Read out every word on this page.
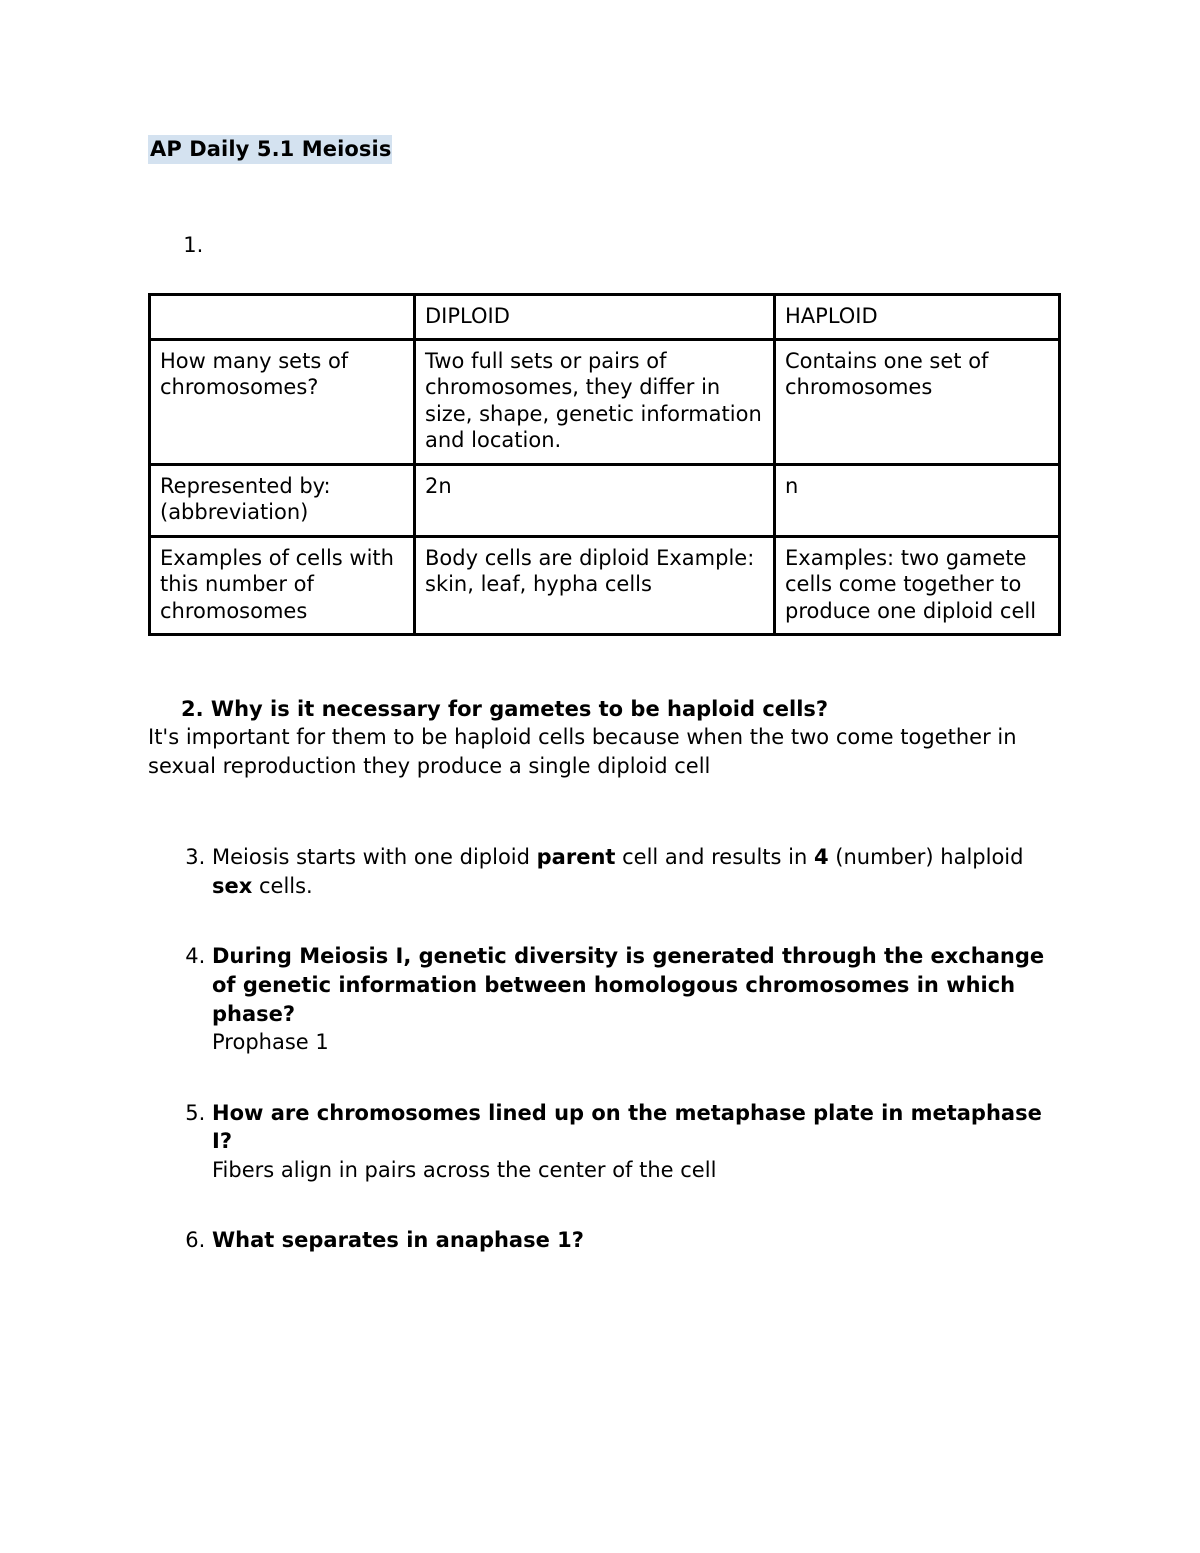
AP Daily 5.1 Meiosis
1.
	DIPLOID	HAPLOID
How many sets of chromosomes?	Two full sets or pairs of chromosomes, they differ in size, shape, genetic information and location.	Contains one set of chromosomes
Represented by: (abbreviation)	2n	n
Examples of cells with this number of chromosomes	Body cells are diploid Example: skin, leaf, hypha cells	Examples: two gamete cells come together to produce one diploid cell
2. Why is it necessary for gametes to be haploid cells?
It's important for them to be haploid cells because when the two come together in sexual reproduction they produce a single diploid cell
3. Meiosis starts with one diploid parent cell and results in 4 (number) halploid sex cells.
4. During Meiosis I, genetic diversity is generated through the exchange of genetic information between homologous chromosomes in which phase?
Prophase 1
5. How are chromosomes lined up on the metaphase plate in metaphase I?
Fibers align in pairs across the center of the cell
6. What separates in anaphase 1?
